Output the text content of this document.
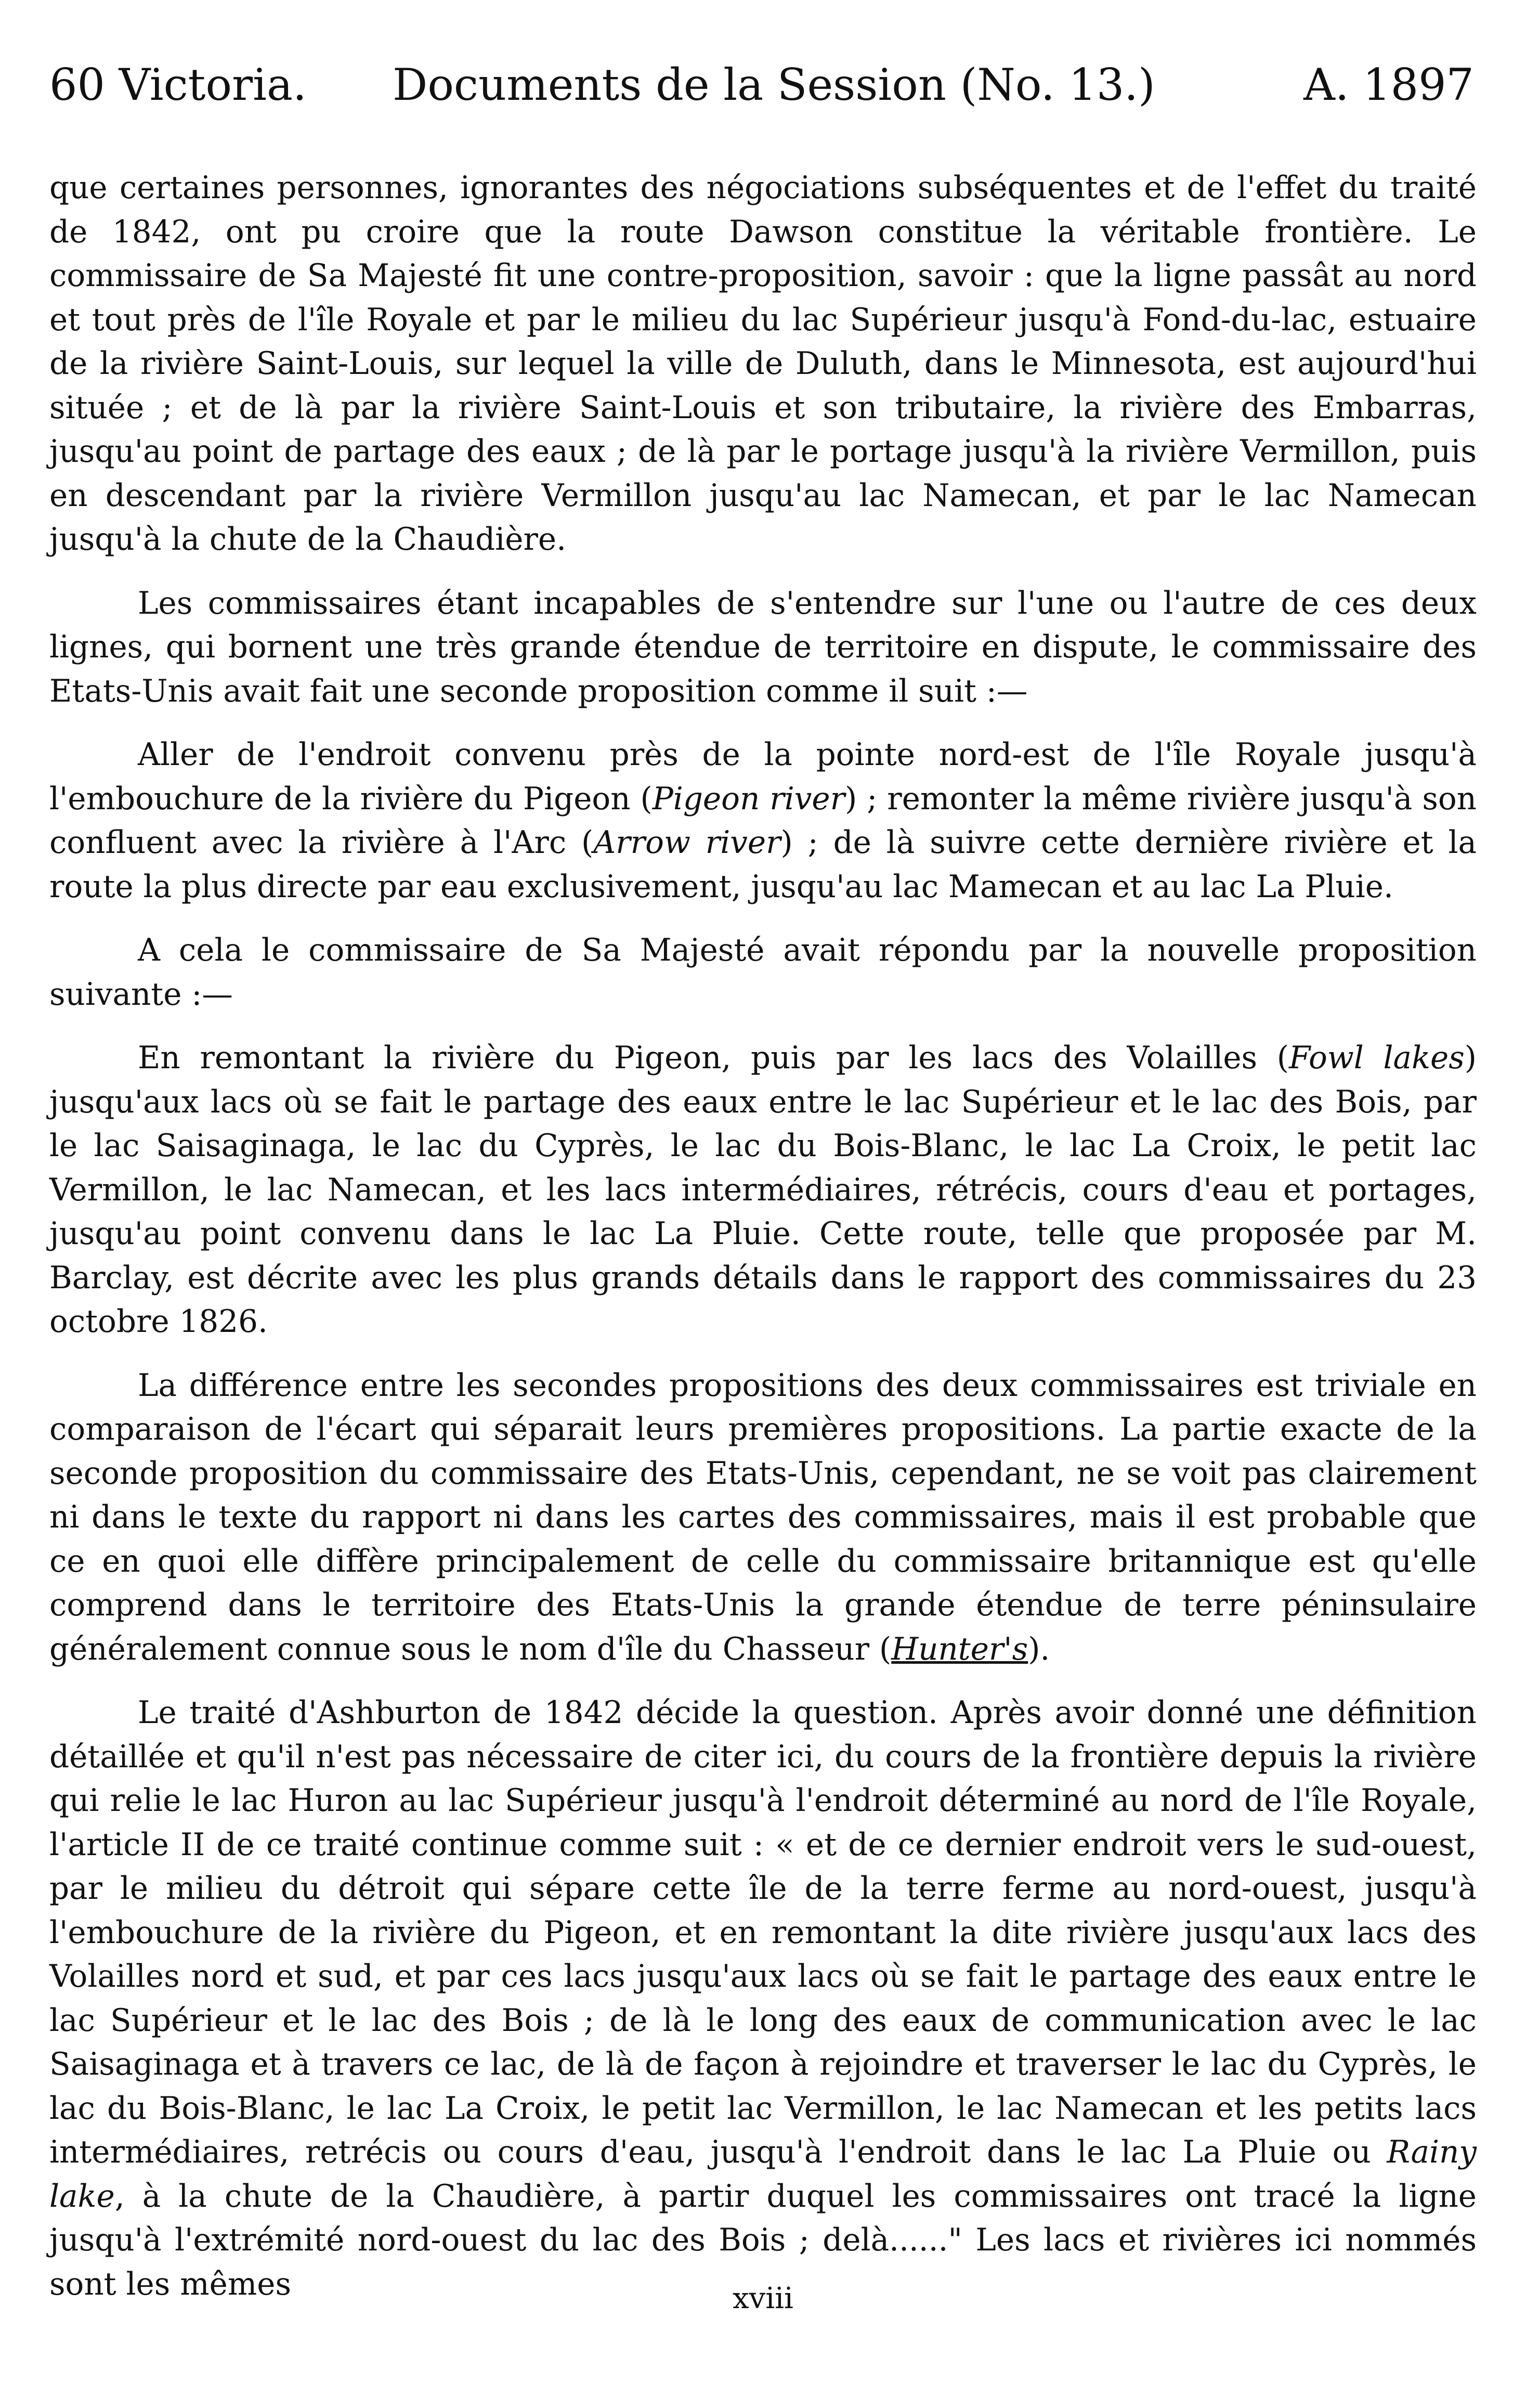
60 Victoria. Documents de la Session (No. 13.)	A. 1897

que certaines personnes, ignorantes des négociations subséquentes et de l'effet du traité de 1842, ont pu croire que la route Dawson constitue la véritable frontière. Le commissaire de Sa Majesté fit une contre-proposition, savoir : que la ligne passât au nord et tout près de l'île Royale et par le milieu du lac Supérieur jusqu'à Fond-du-lac, estuaire de la rivière Saint-Louis, sur lequel la ville de Duluth, dans le Minnesota, est aujourd'hui située ; et de là par la rivière Saint-Louis et son tributaire, la rivière des Embarras, jusqu'au point de partage des eaux ; de là par le portage jusqu'à la rivière Vermillon, puis en descendant par la rivière Vermillon jusqu'au lac Namecan, et par le lac Namecan jusqu'à la chute de la Chaudière.

Les commissaires étant incapables de s'entendre sur l'une ou l'autre de ces deux lignes, qui bornent une très grande étendue de territoire en dispute, le commissaire des Etats-Unis avait fait une seconde proposition comme il suit :—

Aller de l'endroit convenu près de la pointe nord-est de l'île Royale jusqu'à l'embouchure de la rivière du Pigeon (Pigeon river) ; remonter la même rivière jusqu'à son confluent avec la rivière à l'Arc (Arrow river) ; de là suivre cette dernière rivière et la route la plus directe par eau exclusivement, jusqu'au lac Mamecan et au lac La Pluie.

A cela le commissaire de Sa Majesté avait répondu par la nouvelle proposition suivante :—

En remontant la rivière du Pigeon, puis par les lacs des Volailles (Fowl lakes) jusqu'aux lacs où se fait le partage des eaux entre le lac Supérieur et le lac des Bois, par le lac Saisaginaga, le lac du Cyprès, le lac du Bois-Blanc, le lac La Croix, le petit lac Vermillon, le lac Namecan, et les lacs intermédiaires, rétrécis, cours d'eau et portages, jusqu'au point convenu dans le lac La Pluie. Cette route, telle que proposée par M. Barclay, est décrite avec les plus grands détails dans le rapport des commissaires du 23 octobre 1826.

La différence entre les secondes propositions des deux commissaires est triviale en comparaison de l'écart qui séparait leurs premières propositions. La partie exacte de la seconde proposition du commissaire des Etats-Unis, cependant, ne se voit pas clairement ni dans le texte du rapport ni dans les cartes des commissaires, mais il est probable que ce en quoi elle diffère principalement de celle du commissaire britannique est qu'elle comprend dans le territoire des Etats-Unis la grande étendue de terre péninsulaire généralement connue sous le nom d'île du Chasseur (Hunter's).

Le traité d'Ashburton de 1842 décide la question. Après avoir donné une définition détaillée et qu'il n'est pas nécessaire de citer ici, du cours de la frontière depuis la rivière qui relie le lac Huron au lac Supérieur jusqu'à l'endroit déterminé au nord de l'île Royale, l'article II de ce traité continue comme suit : « et de ce dernier endroit vers le sud-ouest, par le milieu du détroit qui sépare cette île de la terre ferme au nord-ouest, jusqu'à l'embouchure de la rivière du Pigeon, et en remontant la dite rivière jusqu'aux lacs des Volailles nord et sud, et par ces lacs jusqu'aux lacs où se fait le partage des eaux entre le lac Supérieur et le lac des Bois ; de là le long des eaux de communication avec le lac Saisaginaga et à travers ce lac, de là de façon à rejoindre et traverser le lac du Cyprès, le lac du Bois-Blanc, le lac La Croix, le petit lac Vermillon, le lac Namecan et les petits lacs intermédiaires, retrécis ou cours d'eau, jusqu'à l'endroit dans le lac La Pluie ou Rainy lake, à la chute de la Chaudière, à partir duquel les commissaires ont tracé la ligne jusqu'à l'extrémité nord-ouest du lac des Bois ; delà......" Les lacs et rivières ici nommés sont les mêmes	xviii
